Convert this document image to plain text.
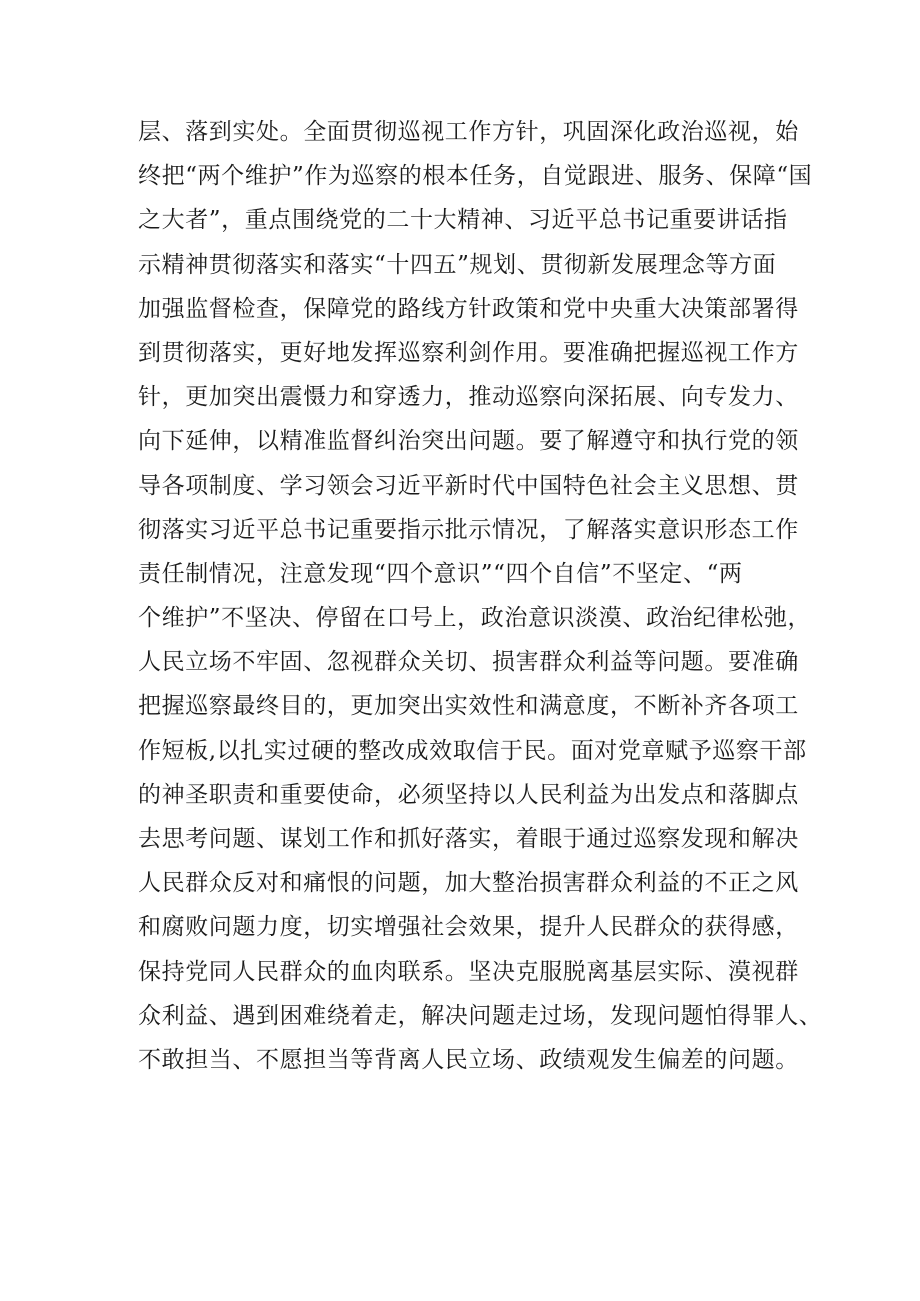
层、落到实处。全面贯彻巡视工作方针，巩固深化政治巡视，始
终把“两个维护”作为巡察的根本任务，自觉跟进、服务、保障“国
之大者”，重点围绕党的二十大精神、习近平总书记重要讲话指
示精神贯彻落实和落实“十四五”规划、贯彻新发展理念等方面
加强监督检查，保障党的路线方针政策和党中央重大决策部署得
到贯彻落实，更好地发挥巡察利剑作用。要准确把握巡视工作方
针，更加突出震慑力和穿透力，推动巡察向深拓展、向专发力、
向下延伸，以精准监督纠治突出问题。要了解遵守和执行党的领
导各项制度、学习领会习近平新时代中国特色社会主义思想、贯
彻落实习近平总书记重要指示批示情况，了解落实意识形态工作
责任制情况，注意发现“四个意识”“四个自信”不坚定、“两
个维护”不坚决、停留在口号上，政治意识淡漠、政治纪律松弛，
人民立场不牢固、忽视群众关切、损害群众利益等问题。要准确
把握巡察最终目的，更加突出实效性和满意度，不断补齐各项工
作短板,以扎实过硬的整改成效取信于民。面对党章赋予巡察干部
的神圣职责和重要使命，必须坚持以人民利益为出发点和落脚点
去思考问题、谋划工作和抓好落实，着眼于通过巡察发现和解决
人民群众反对和痛恨的问题，加大整治损害群众利益的不正之风
和腐败问题力度，切实增强社会效果，提升人民群众的获得感，
保持党同人民群众的血肉联系。坚决克服脱离基层实际、漠视群
众利益、遇到困难绕着走，解决问题走过场，发现问题怕得罪人、
不敢担当、不愿担当等背离人民立场、政绩观发生偏差的问题。
